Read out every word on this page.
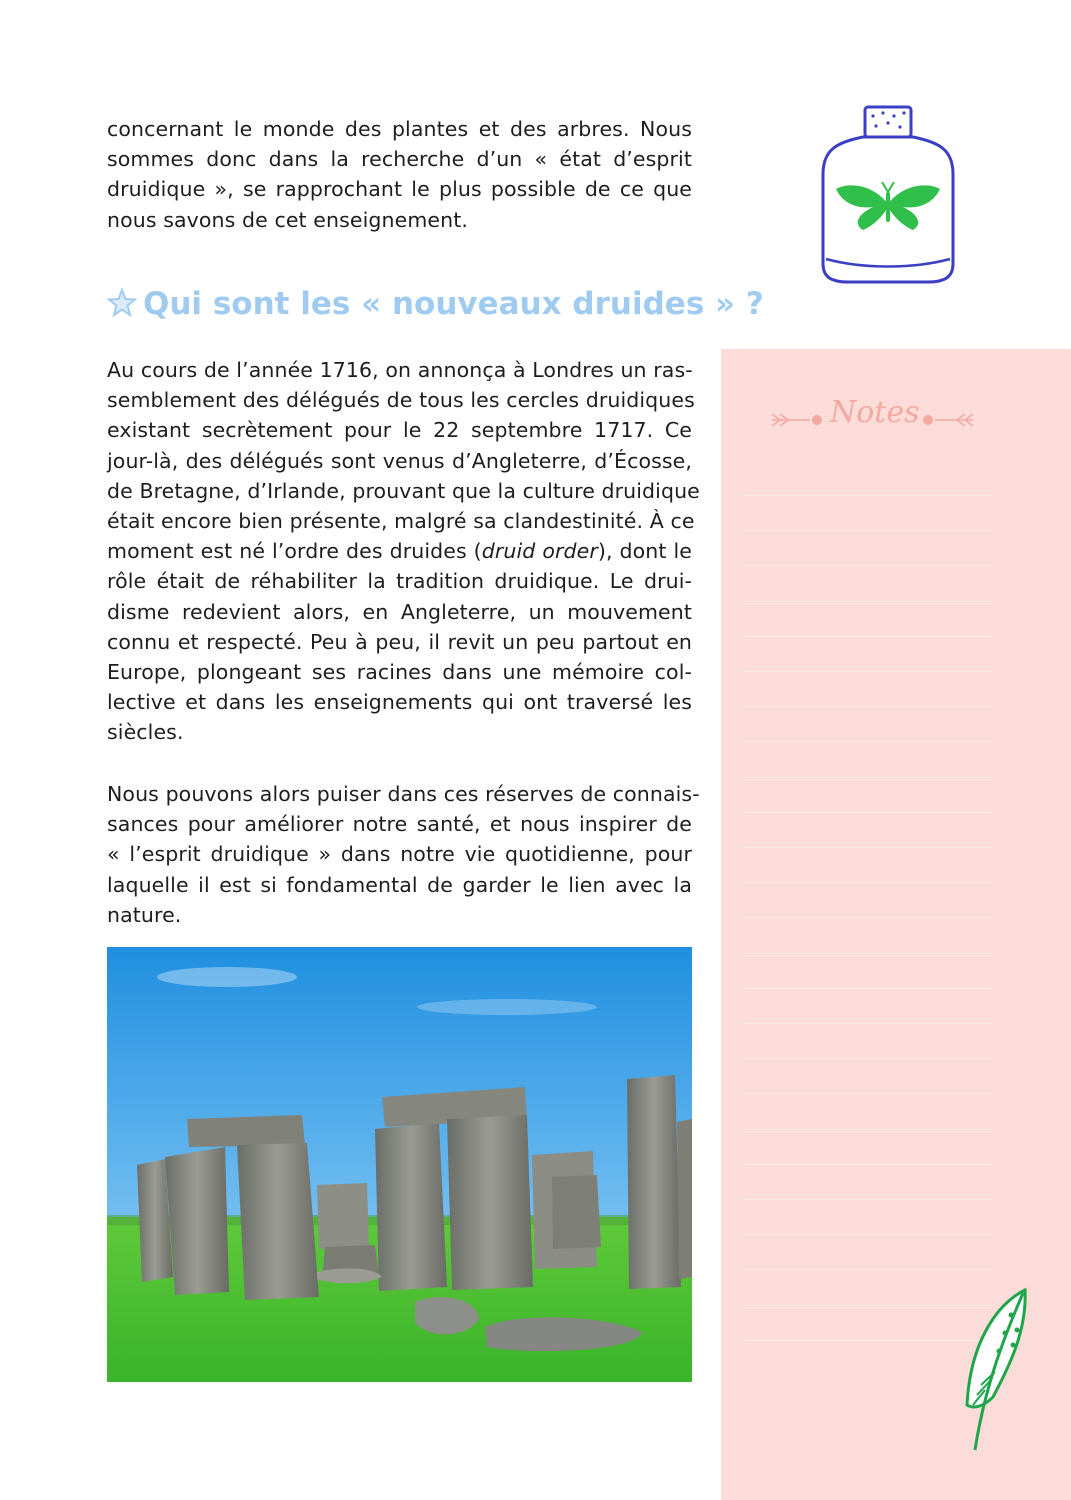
concernant le monde des plantes et des arbres. Nous
sommes donc dans la recherche d’un « état d’esprit
druidique », se rapprochant le plus possible de ce que
nous savons de cet enseignement.
Qui sont les « nouveaux druides » ?
Notes
Au cours de l’année 1716, on annonça à Londres un ras-
semblement des délégués de tous les cercles druidiques
existant secrètement pour le 22 septembre 1717. Ce
jour-là, des délégués sont venus d’Angleterre, d’Écosse,
de Bretagne, d’Irlande, prouvant que la culture druidique
était encore bien présente, malgré sa clandestinité. À ce
moment est né l’ordre des druides (druid order), dont le
rôle était de réhabiliter la tradition druidique. Le drui-
disme redevient alors, en Angleterre, un mouvement
connu et respecté. Peu à peu, il revit un peu partout en
Europe, plongeant ses racines dans une mémoire col-
lective et dans les enseignements qui ont traversé les
siècles.
Nous pouvons alors puiser dans ces réserves de connais-
sances pour améliorer notre santé, et nous inspirer de
« l’esprit druidique » dans notre vie quotidienne, pour
laquelle il est si fondamental de garder le lien avec la
nature.
